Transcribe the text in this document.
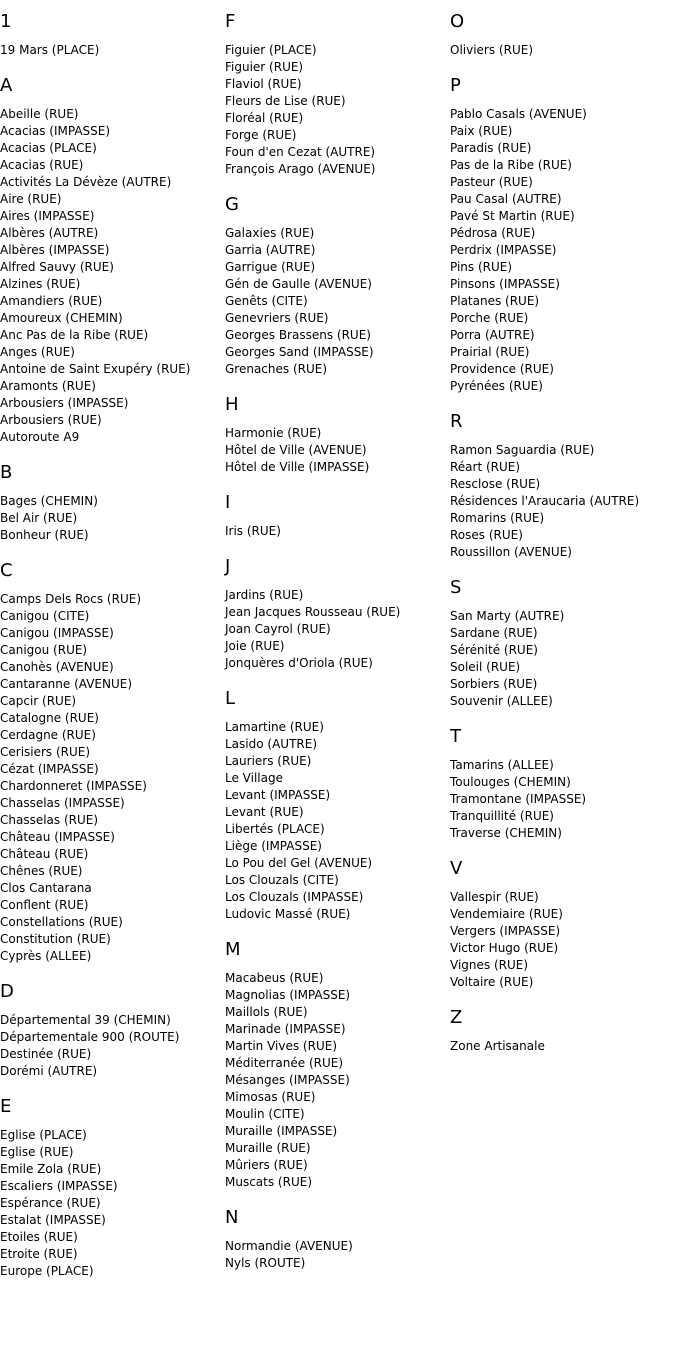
1
19 Mars (PLACE)
A
Abeille (RUE)
Acacias (IMPASSE)
Acacias (PLACE)
Acacias (RUE)
Activités La Dévèze (AUTRE)
Aire (RUE)
Aires (IMPASSE)
Albères (AUTRE)
Albères (IMPASSE)
Alfred Sauvy (RUE)
Alzines (RUE)
Amandiers (RUE)
Amoureux (CHEMIN)
Anc Pas de la Ribe (RUE)
Anges (RUE)
Antoine de Saint Exupéry (RUE)
Aramonts (RUE)
Arbousiers (IMPASSE)
Arbousiers (RUE)
Autoroute A9
B
Bages (CHEMIN)
Bel Air (RUE)
Bonheur (RUE)
C
Camps Dels Rocs (RUE)
Canigou (CITE)
Canigou (IMPASSE)
Canigou (RUE)
Canohès (AVENUE)
Cantaranne (AVENUE)
Capcir (RUE)
Catalogne (RUE)
Cerdagne (RUE)
Cerisiers (RUE)
Cézat (IMPASSE)
Chardonneret (IMPASSE)
Chasselas (IMPASSE)
Chasselas (RUE)
Château (IMPASSE)
Château (RUE)
Chênes (RUE)
Clos Cantarana
Conflent (RUE)
Constellations (RUE)
Constitution (RUE)
Cyprès (ALLEE)
D
Départemental 39 (CHEMIN)
Départementale 900 (ROUTE)
Destinée (RUE)
Dorémi (AUTRE)
E
Eglise (PLACE)
Eglise (RUE)
Emile Zola (RUE)
Escaliers (IMPASSE)
Espérance (RUE)
Estalat (IMPASSE)
Etoiles (RUE)
Etroite (RUE)
Europe (PLACE)
F
Figuier (PLACE)
Figuier (RUE)
Flaviol (RUE)
Fleurs de Lise (RUE)
Floréal (RUE)
Forge (RUE)
Foun d'en Cezat (AUTRE)
François Arago (AVENUE)
G
Galaxies (RUE)
Garria (AUTRE)
Garrigue (RUE)
Gén de Gaulle (AVENUE)
Genêts (CITE)
Genevriers (RUE)
Georges Brassens (RUE)
Georges Sand (IMPASSE)
Grenaches (RUE)
H
Harmonie (RUE)
Hôtel de Ville (AVENUE)
Hôtel de Ville (IMPASSE)
I
Iris (RUE)
J
Jardins (RUE)
Jean Jacques Rousseau (RUE)
Joan Cayrol (RUE)
Joie (RUE)
Jonquères d'Oriola (RUE)
L
Lamartine (RUE)
Lasido (AUTRE)
Lauriers (RUE)
Le Village
Levant (IMPASSE)
Levant (RUE)
Libertés (PLACE)
Liège (IMPASSE)
Lo Pou del Gel (AVENUE)
Los Clouzals (CITE)
Los Clouzals (IMPASSE)
Ludovic Massé (RUE)
M
Macabeus (RUE)
Magnolias (IMPASSE)
Maillols (RUE)
Marinade (IMPASSE)
Martin Vives (RUE)
Méditerranée (RUE)
Mésanges (IMPASSE)
Mimosas (RUE)
Moulin (CITE)
Muraille (IMPASSE)
Muraille (RUE)
Mûriers (RUE)
Muscats (RUE)
N
Normandie (AVENUE)
Nyls (ROUTE)
O
Oliviers (RUE)
P
Pablo Casals (AVENUE)
Paix (RUE)
Paradis (RUE)
Pas de la Ribe (RUE)
Pasteur (RUE)
Pau Casal (AUTRE)
Pavé St Martin (RUE)
Pédrosa (RUE)
Perdrix (IMPASSE)
Pins (RUE)
Pinsons (IMPASSE)
Platanes (RUE)
Porche (RUE)
Porra (AUTRE)
Prairial (RUE)
Providence (RUE)
Pyrénées (RUE)
R
Ramon Saguardia (RUE)
Réart (RUE)
Resclose (RUE)
Résidences l'Araucaria (AUTRE)
Romarins (RUE)
Roses (RUE)
Roussillon (AVENUE)
S
San Marty (AUTRE)
Sardane (RUE)
Sérénité (RUE)
Soleil (RUE)
Sorbiers (RUE)
Souvenir (ALLEE)
T
Tamarins (ALLEE)
Toulouges (CHEMIN)
Tramontane (IMPASSE)
Tranquillité (RUE)
Traverse (CHEMIN)
V
Vallespir (RUE)
Vendemiaire (RUE)
Vergers (IMPASSE)
Victor Hugo (RUE)
Vignes (RUE)
Voltaire (RUE)
Z
Zone Artisanale
